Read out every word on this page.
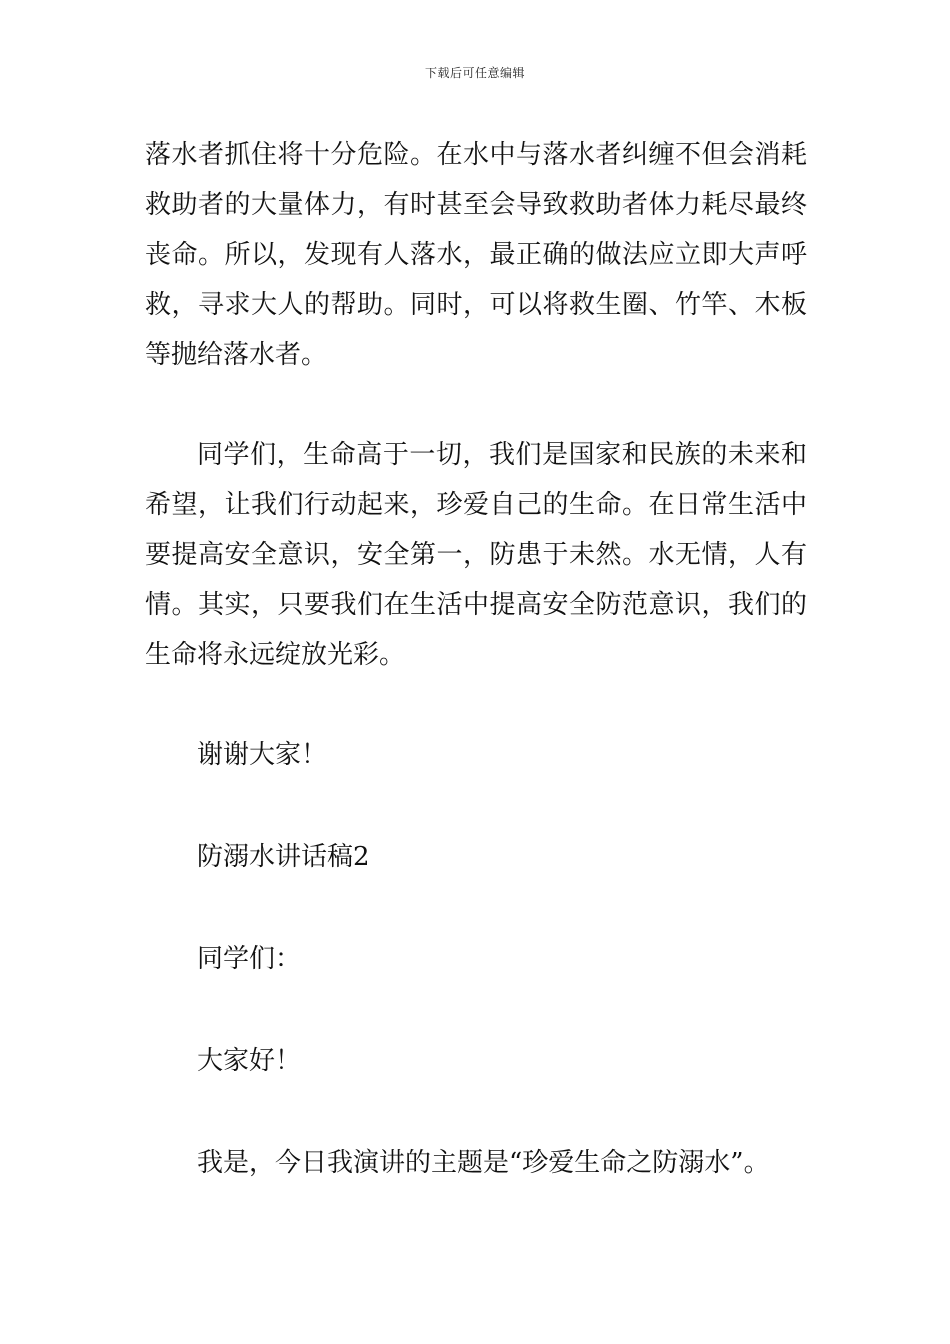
下载后可任意编辑

落水者抓住将十分危险。在水中与落水者纠缠不但会消耗救助者的大量体力，有时甚至会导致救助者体力耗尽最终丧命。所以，发现有人落水，最正确的做法应立即大声呼救，寻求大人的帮助。同时，可以将救生圈、竹竿、木板等抛给落水者。

同学们，生命高于一切，我们是国家和民族的未来和希望，让我们行动起来，珍爱自己的生命。在日常生活中要提高安全意识，安全第一，防患于未然。水无情，人有情。其实，只要我们在生活中提高安全防范意识，我们的生命将永远绽放光彩。

谢谢大家！

防溺水讲话稿2

同学们：

大家好！

我是，今日我演讲的主题是“珍爱生命之防溺水”。
